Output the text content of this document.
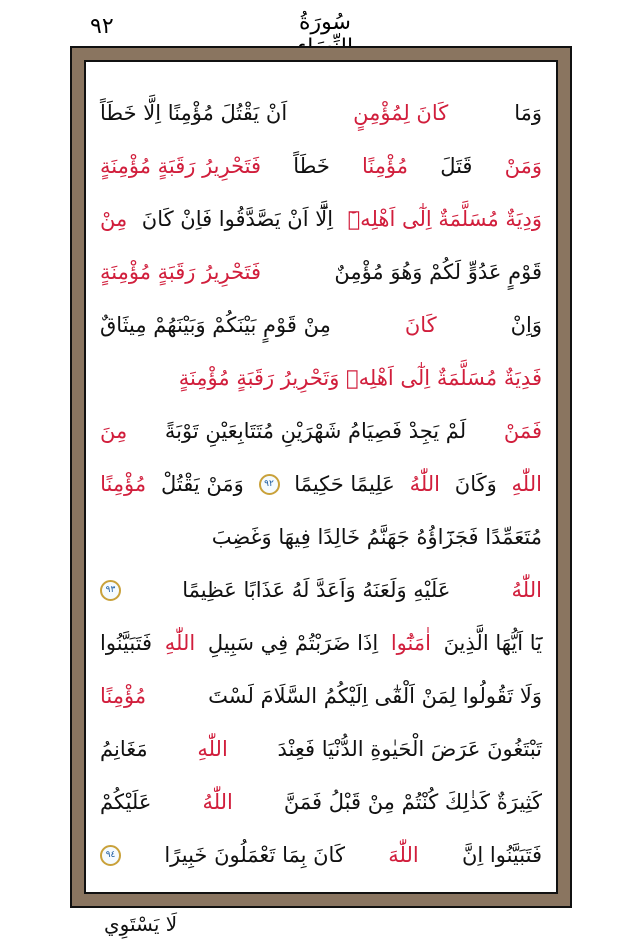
٩٢	سُورَةُ
وَمَا
كَانَ لِمُؤْمِنٍ
اَنْ يَقْتُلَ مُؤْمِنًا اِلَّا خَطَاً
وَمَنْ
قَتَلَ
مُؤْمِنًا
خَطَاً
فَتَحْرِيرُ رَقَبَةٍ مُؤْمِنَةٍ
وَدِيَةٌ مُسَلَّمَةٌ اِلٰٓى اَهْلِهٖٓ
اِلَّٓا اَنْ يَصَّدَّقُوا فَاِنْ كَانَ
مِنْ
قَوْمٍ عَدُوٍّ لَكُمْ وَهُوَ مُؤْمِنٌ
فَتَحْرِيرُ رَقَبَةٍ مُؤْمِنَةٍ
وَاِنْ
كَانَ
مِنْ قَوْمٍ بَيْنَكُمْ وَبَيْنَهُمْ مِيثَاقٌ
فَدِيَةٌ مُسَلَّمَةٌ اِلٰٓى اَهْلِهٖ وَتَحْرِيرُ رَقَبَةٍ مُؤْمِنَةٍ
فَمَنْ
لَمْ يَجِدْ فَصِيَامُ شَهْرَيْنِ مُتَتَابِعَيْنِ تَوْبَةً
مِنَ
اللّٰهِ
وَكَانَ
اللّٰهُ
عَلِيمًا حَكِيمًا
٩٢
وَمَنْ يَقْتُلْ
مُؤْمِنًا
مُتَعَمِّدًا فَجَزَٓاؤُهُ جَهَنَّمُ خَالِدًا فِيهَا وَغَضِبَ
اللّٰهُ
عَلَيْهِ وَلَعَنَهُ وَاَعَدَّ لَهُ عَذَابًا عَظِيمًا
٩٣
يَٓا اَيُّهَا الَّذِينَ
اٰمَنُٓوا
اِذَا ضَرَبْتُمْ فِي سَبِيلِ
اللّٰهِ
فَتَبَيَّنُوا
وَلَا تَقُولُوا لِمَنْ اَلْقٰٓى اِلَيْكُمُ السَّلَامَ لَسْتَ
مُؤْمِنًا
تَبْتَغُونَ عَرَضَ الْحَيٰوةِ الدُّنْيَا فَعِنْدَ
اللّٰهِ
مَغَانِمُ
كَثِيرَةٌ كَذٰلِكَ كُنْتُمْ مِنْ قَبْلُ فَمَنَّ
اللّٰهُ
عَلَيْكُمْ
فَتَبَيَّنُوا اِنَّ
اللّٰهَ
كَانَ بِمَا تَعْمَلُونَ خَبِيرًا
٩٤
لَا يَسْتَوِي
